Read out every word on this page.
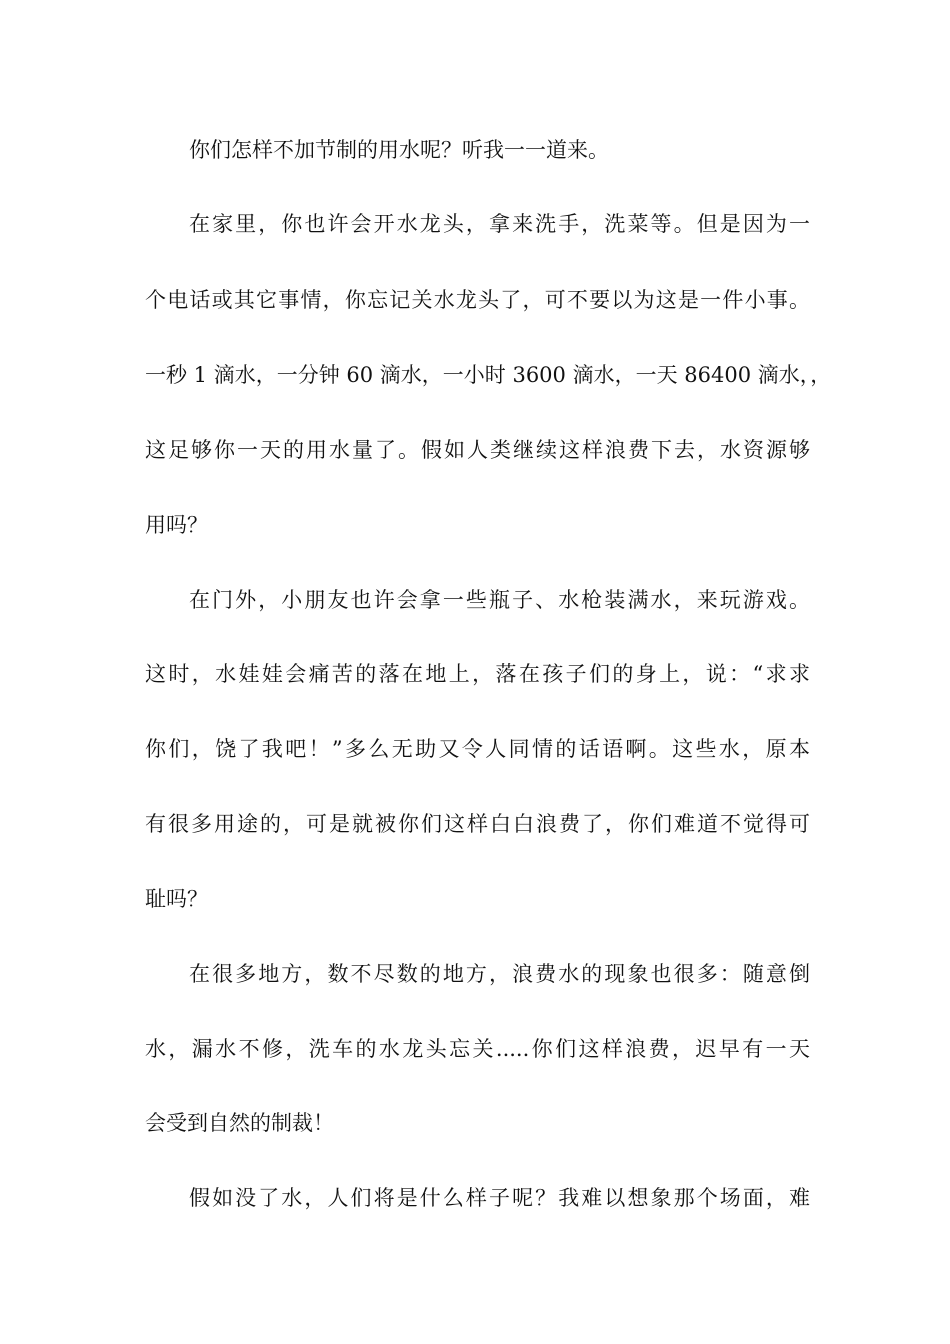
你们怎样不加节制的用水呢？听我一一道来。
在家里，你也许会开水龙头，拿来洗手，洗菜等。但是因为一
个电话或其它事情，你忘记关水龙头了，可不要以为这是一件小事。
一秒 1 滴水，一分钟 60 滴水，一小时 3600 滴水，一天 86400 滴水，，
这足够你一天的用水量了。假如人类继续这样浪费下去，水资源够
用吗？
在门外，小朋友也许会拿一些瓶子、水枪装满水，来玩游戏。
这时，水娃娃会痛苦的落在地上，落在孩子们的身上，说：“求求
你们，饶了我吧！”多么无助又令人同情的话语啊。这些水，原本
有很多用途的，可是就被你们这样白白浪费了，你们难道不觉得可
耻吗？
在很多地方，数不尽数的地方，浪费水的现象也很多：随意倒
水，漏水不修，洗车的水龙头忘关.....你们这样浪费，迟早有一天
会受到自然的制裁！
假如没了水，人们将是什么样子呢？我难以想象那个场面，难
